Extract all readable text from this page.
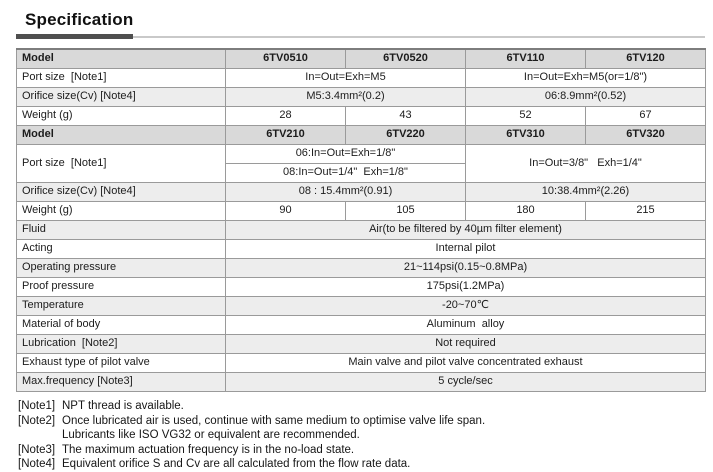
Specification
Model	6TV0510	6TV0520	6TV110	6TV120
Port size  [Note1]	In=Out=Exh=M5		In=Out=Exh=M5(or=1/8")	
Orifice size(Cv) [Note4]	M5:3.4mm²(0.2)		06:8.9mm²(0.52)	
Weight (g)	28	43	52	67
Model	6TV210	6TV220	6TV310	6TV320
Port size  [Note1]	06:In=Out=Exh=1/8"		In=Out=3/8"   Exh=1/4"	
	08:In=Out=1/4"  Exh=1/8"			
Orifice size(Cv) [Note4]	08 : 15.4mm²(0.91)		10:38.4mm²(2.26)	
Weight (g)	90	105	180	215
Fluid	Air(to be filtered by 40µm filter element)			
Acting	Internal pilot			
Operating pressure	21~114psi(0.15~0.8MPa)			
Proof pressure	175psi(1.2MPa)			
Temperature	-20~70℃			
Material of body	Aluminum  alloy			
Lubrication  [Note2]	Not required			
Exhaust type of pilot valve	Main valve and pilot valve concentrated exhaust			
Max.frequency [Note3]	5 cycle/sec			
[Note1] NPT thread is available.
[Note2] Once lubricated air is used, continue with same medium to optimise valve life span.
Lubricants like ISO VG32 or equivalent are recommended.
[Note3] The maximum actuation frequency is in the no-load state.
[Note4] Equivalent orifice S and Cv are all calculated from the flow rate data.
